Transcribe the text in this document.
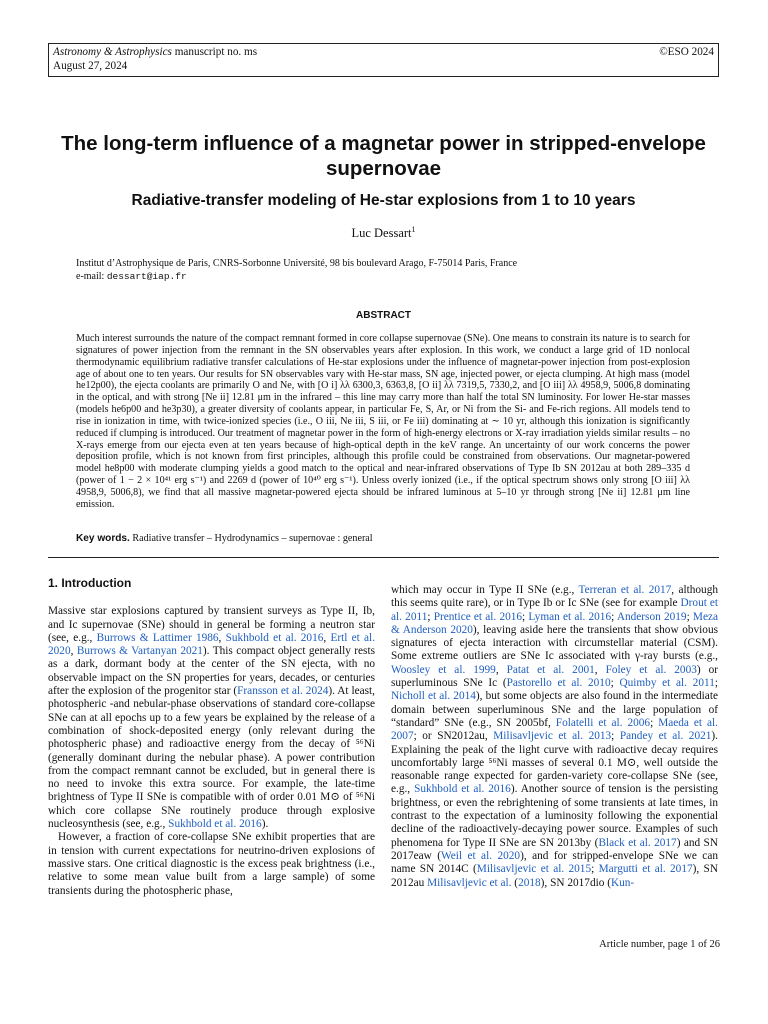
Astronomy & Astrophysics manuscript no. ms
August 27, 2024
©ESO 2024
The long-term influence of a magnetar power in stripped-envelope supernovae
Radiative-transfer modeling of He-star explosions from 1 to 10 years
Luc Dessart$^1$
Institut d’Astrophysique de Paris, CNRS-Sorbonne Université, 98 bis boulevard Arago, F-75014 Paris, France
e-mail: dessart@iap.fr
ABSTRACT
Much interest surrounds the nature of the compact remnant formed in core collapse supernovae (SNe). One means to constrain its nature is to search for signatures of power injection from the remnant in the SN observables years after explosion. In this work, we conduct a large grid of 1D nonlocal thermodynamic equilibrium radiative transfer calculations of He-star explosions under the influence of magnetar-power injection from post-explosion age of about one to ten years. Our results for SN observables vary with He-star mass, SN age, injected power, or ejecta clumping. At high mass (model he12p00), the ejecta coolants are primarily O and Ne, with [O i] λλ 6300,3, 6363,8, [O ii] λλ 7319,5, 7330,2, and [O iii] λλ 4958,9, 5006,8 dominating in the optical, and with strong [Ne ii] 12.81 μm in the infrared – this line may carry more than half the total SN luminosity. For lower He-star masses (models he6p00 and he3p30), a greater diversity of coolants appear, in particular Fe, S, Ar, or Ni from the Si- and Fe-rich regions. All models tend to rise in ionization in time, with twice-ionized species (i.e., O iii, Ne iii, S iii, or Fe iii) dominating at ∼ 10 yr, although this ionization is significantly reduced if clumping is introduced. Our treatment of magnetar power in the form of high-energy electrons or X-ray irradiation yields similar results – no X-rays emerge from our ejecta even at ten years because of high-optical depth in the keV range. An uncertainty of our work concerns the power deposition profile, which is not known from first principles, although this profile could be constrained from observations. Our magnetar-powered model he8p00 with moderate clumping yields a good match to the optical and near-infrared observations of Type Ib SN 2012au at both 289–335 d (power of 1 − 2 × 10⁴¹ erg s⁻¹) and 2269 d (power of 10⁴⁰ erg s⁻¹). Unless overly ionized (i.e., if the optical spectrum shows only strong [O iii] λλ 4958,9, 5006,8), we find that all massive magnetar-powered ejecta should be infrared luminous at 5–10 yr through strong [Ne ii] 12.81 μm line emission.
Key words. Radiative transfer – Hydrodynamics – supernovae : general
1. Introduction

Massive star explosions captured by transient surveys as Type II, Ib, and Ic supernovae (SNe) should in general be forming a neutron star (see, e.g., Burrows & Lattimer 1986, Sukhbold et al. 2016, Ertl et al. 2020, Burrows & Vartanyan 2021). This compact object generally rests as a dark, dormant body at the center of the SN ejecta, with no observable impact on the SN properties for years, decades, or centuries after the explosion of the progenitor star (Fransson et al. 2024). At least, photospheric -and nebular-phase observations of standard core-collapse SNe can at all epochs up to a few years be explained by the release of a combination of shock-deposited energy (only relevant during the photospheric phase) and radioactive energy from the decay of ⁵⁶Ni (generally dominant during the nebular phase). A power contribution from the compact remnant cannot be excluded, but in general there is no need to invoke this extra source. For example, the late-time brightness of Type II SNe is compatible with of order 0.01 M⊙ of ⁵⁶Ni which core collapse SNe routinely produce through explosive nucleosynthesis (see, e.g., Sukhbold et al. 2016).

However, a fraction of core-collapse SNe exhibit properties that are in tension with current expectations for neutrino-driven explosions of massive stars. One critical diagnostic is the excess peak brightness (i.e., relative to some mean value built from a large sample) of some transients during the photospheric phase,

which may occur in Type II SNe (e.g., Terreran et al. 2017, although this seems quite rare), or in Type Ib or Ic SNe (see for example Drout et al. 2011; Prentice et al. 2016; Lyman et al. 2016; Anderson 2019; Meza & Anderson 2020), leaving aside here the transients that show obvious signatures of ejecta interaction with circumstellar material (CSM). Some extreme outliers are SNe Ic associated with γ-ray bursts (e.g., Woosley et al. 1999, Patat et al. 2001, Foley et al. 2003) or superluminous SNe Ic (Pastorello et al. 2010; Quimby et al. 2011; Nicholl et al. 2014), but some objects are also found in the intermediate domain between superluminous SNe and the large population of “standard” SNe (e.g., SN 2005bf, Folatelli et al. 2006; Maeda et al. 2007; or SN2012au, Milisavljevic et al. 2013; Pandey et al. 2021). Explaining the peak of the light curve with radioactive decay requires uncomfortably large ⁵⁶Ni masses of several 0.1 M⊙, well outside the reasonable range expected for garden-variety core-collapse SNe (see, e.g., Sukhbold et al. 2016). Another source of tension is the persisting brightness, or even the rebrightening of some transients at late times, in contrast to the expectation of a luminosity following the exponential decline of the radioactively-decaying power source. Examples of such phenomena for Type II SNe are SN 2013by (Black et al. 2017) and SN 2017eaw (Weil et al. 2020), and for stripped-envelope SNe we can name SN 2014C (Milisavljevic et al. 2015; Margutti et al. 2017), SN 2012au Milisavljevic et al. (2018), SN 2017dio (Kun-

Article number, page 1 of 26
